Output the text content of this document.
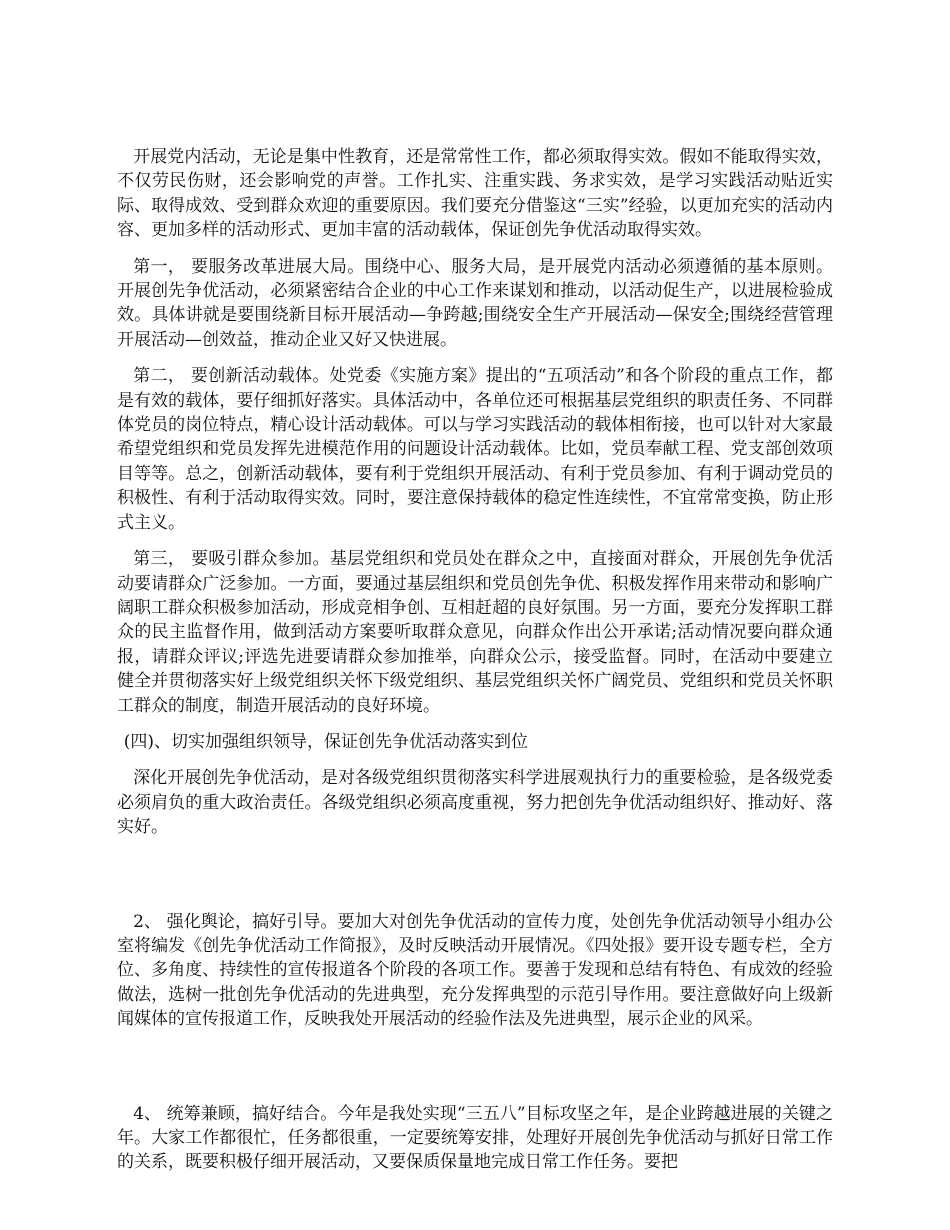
开展党内活动，无论是集中性教育，还是常常性工作，都必须取得实效。假如不能取得实效，不仅劳民伤财，还会影响党的声誉。工作扎实、注重实践、务求实效，是学习实践活动贴近实际、取得成效、受到群众欢迎的重要原因。我们要充分借鉴这“三实”经验，以更加充实的活动内容、更加多样的活动形式、更加丰富的活动载体，保证创先争优活动取得实效。

第一， 要服务改革进展大局。围绕中心、服务大局，是开展党内活动必须遵循的基本原则。开展创先争优活动，必须紧密结合企业的中心工作来谋划和推动，以活动促生产，以进展检验成效。具体讲就是要围绕新目标开展活动—争跨越;围绕安全生产开展活动—保安全;围绕经营管理开展活动—创效益，推动企业又好又快进展。

第二， 要创新活动载体。处党委《实施方案》提出的“五项活动”和各个阶段的重点工作，都是有效的载体，要仔细抓好落实。具体活动中，各单位还可根据基层党组织的职责任务、不同群体党员的岗位特点，精心设计活动载体。可以与学习实践活动的载体相衔接，也可以针对大家最希望党组织和党员发挥先进模范作用的问题设计活动载体。比如，党员奉献工程、党支部创效项目等等。总之，创新活动载体，要有利于党组织开展活动、有利于党员参加、有利于调动党员的积极性、有利于活动取得实效。同时，要注意保持载体的稳定性连续性，不宜常常变换，防止形式主义。

第三， 要吸引群众参加。基层党组织和党员处在群众之中，直接面对群众，开展创先争优活动要请群众广泛参加。一方面，要通过基层组织和党员创先争优、积极发挥作用来带动和影响广阔职工群众积极参加活动，形成竞相争创、互相赶超的良好氛围。另一方面，要充分发挥职工群众的民主监督作用，做到活动方案要听取群众意见，向群众作出公开承诺;活动情况要向群众通报，请群众评议;评选先进要请群众参加推举，向群众公示，接受监督。同时，在活动中要建立健全并贯彻落实好上级党组织关怀下级党组织、基层党组织关怀广阔党员、党组织和党员关怀职工群众的制度，制造开展活动的良好环境。

(四)、切实加强组织领导，保证创先争优活动落实到位

深化开展创先争优活动，是对各级党组织贯彻落实科学进展观执行力的重要检验，是各级党委必须肩负的重大政治责任。各级党组织必须高度重视，努力把创先争优活动组织好、推动好、落实好。

2、 强化舆论，搞好引导。要加大对创先争优活动的宣传力度，处创先争优活动领导小组办公室将编发《创先争优活动工作简报》，及时反映活动开展情况。《四处报》要开设专题专栏，全方位、多角度、持续性的宣传报道各个阶段的各项工作。要善于发现和总结有特色、有成效的经验做法，选树一批创先争优活动的先进典型，充分发挥典型的示范引导作用。要注意做好向上级新闻媒体的宣传报道工作，反映我处开展活动的经验作法及先进典型，展示企业的风采。

4、 统筹兼顾，搞好结合。今年是我处实现“三五八”目标攻坚之年，是企业跨越进展的关键之年。大家工作都很忙，任务都很重，一定要统筹安排，处理好开展创先争优活动与抓好日常工作的关系，既要积极仔细开展活动，又要保质保量地完成日常工作任务。要把
